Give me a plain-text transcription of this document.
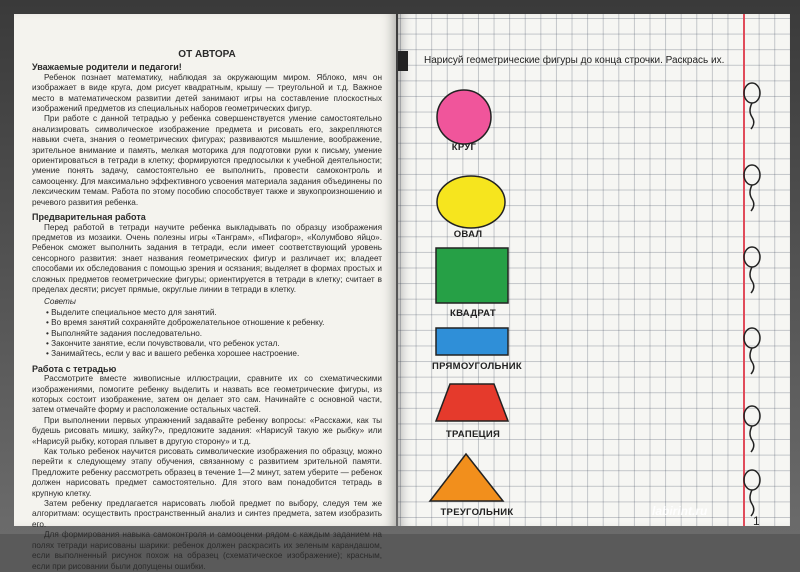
ОТ АВТОРА
Уважаемые родители и педагоги!

Ребенок познает математику, наблюдая за окружающим миром. Яблоко, мяч он изображает в виде круга, дом рисует квадратным, крышу — треугольной и т.д. Важное место в математическом развитии детей занимают игры на составление плоскостных изображений предметов из специальных наборов геометрических фигур.

При работе с данной тетрадью у ребенка совершенствуется умение самостоятельно анализировать символическое изображение предмета и рисовать его, закрепляются навыки счета, знания о геометрических фигурах; развиваются мышление, воображение, зрительное внимание и память, мелкая моторика для подготовки руки к письму, умение ориентироваться в тетради в клетку; формируются предпосылки к учебной деятельности; умение понять задачу, самостоятельно ее выполнить, провести самоконтроль и самооценку. Для максимально эффективного усвоения материала задания объединены по лексическим темам. Работа по этому пособию способствует также и звукопроизношению и речевого развития ребенка.

Предварительная работа

Перед работой в тетради научите ребенка выкладывать по образцу изображения предметов из мозаики. Очень полезны игры «Танграм», «Пифагор», «Колумбово яйцо». Ребенок сможет выполнить задания в тетради, если имеет соответствующий уровень сенсорного развития: знает названия геометрических фигур и различает их; владеет способами их обследования с помощью зрения и осязания; выделяет в формах простых и сложных предметов геометрические фигуры; ориентируется в тетради в клетку; считает в пределах десяти; рисует прямые, округлые линии в тетради в клетку.

Советы
• Выделите специальное место для занятий.
• Во время занятий сохраняйте доброжелательное отношение к ребенку.
• Выполняйте задания последовательно.
• Закончите занятие, если почувствовали, что ребенок устал.
• Занимайтесь, если у вас и вашего ребенка хорошее настроение.
Работа с тетрадью

Рассмотрите вместе живописные иллюстрации, сравните их со схематическими изображениями, помогите ребенку выделить и назвать все геометрические фигуры, из которых состоит изображение, затем он делает это сам. Начинайте с основной части, затем отмечайте форму и расположение остальных частей.

При выполнении первых упражнений задавайте ребенку вопросы: «Расскажи, как ты будешь рисовать мишку, зайку?», предложите задания: «Нарисуй такую же рыбку» или «Нарисуй рыбку, которая плывет в другую сторону» и т.д.

Как только ребенок научится рисовать символические изображения по образцу, можно перейти к следующему этапу обучения, связанному с развитием зрительной памяти. Предложите ребенку рассмотреть образец в течение 1—2 минут, затем уберите — ребенок должен нарисовать предмет самостоятельно. Для этого вам понадобится тетрадь в крупную клетку.

Затем ребенку предлагается нарисовать любой предмет по выбору, следуя тем же алгоритмам: осуществить пространственный анализ и синтез предмета, затем изобразить его.

Для формирования навыка самоконтроля и самооценки рядом с каждым заданием на полях тетради нарисованы шарики: ребенок должен раскрасить их зеленым карандашом, если выполненный рисунок похож на образец (схематическое изображение); красным, если при рисовании были допущены ошибки.

Нарисуй геометрические фигуры до конца строчки. Раскрась их.
КРУГ
ОВАЛ
КВАДРАТ
ПРЯМОУГОЛЬНИК
ТРАПЕЦИЯ
ТРЕУГОЛЬНИК
1
labirint.ru
